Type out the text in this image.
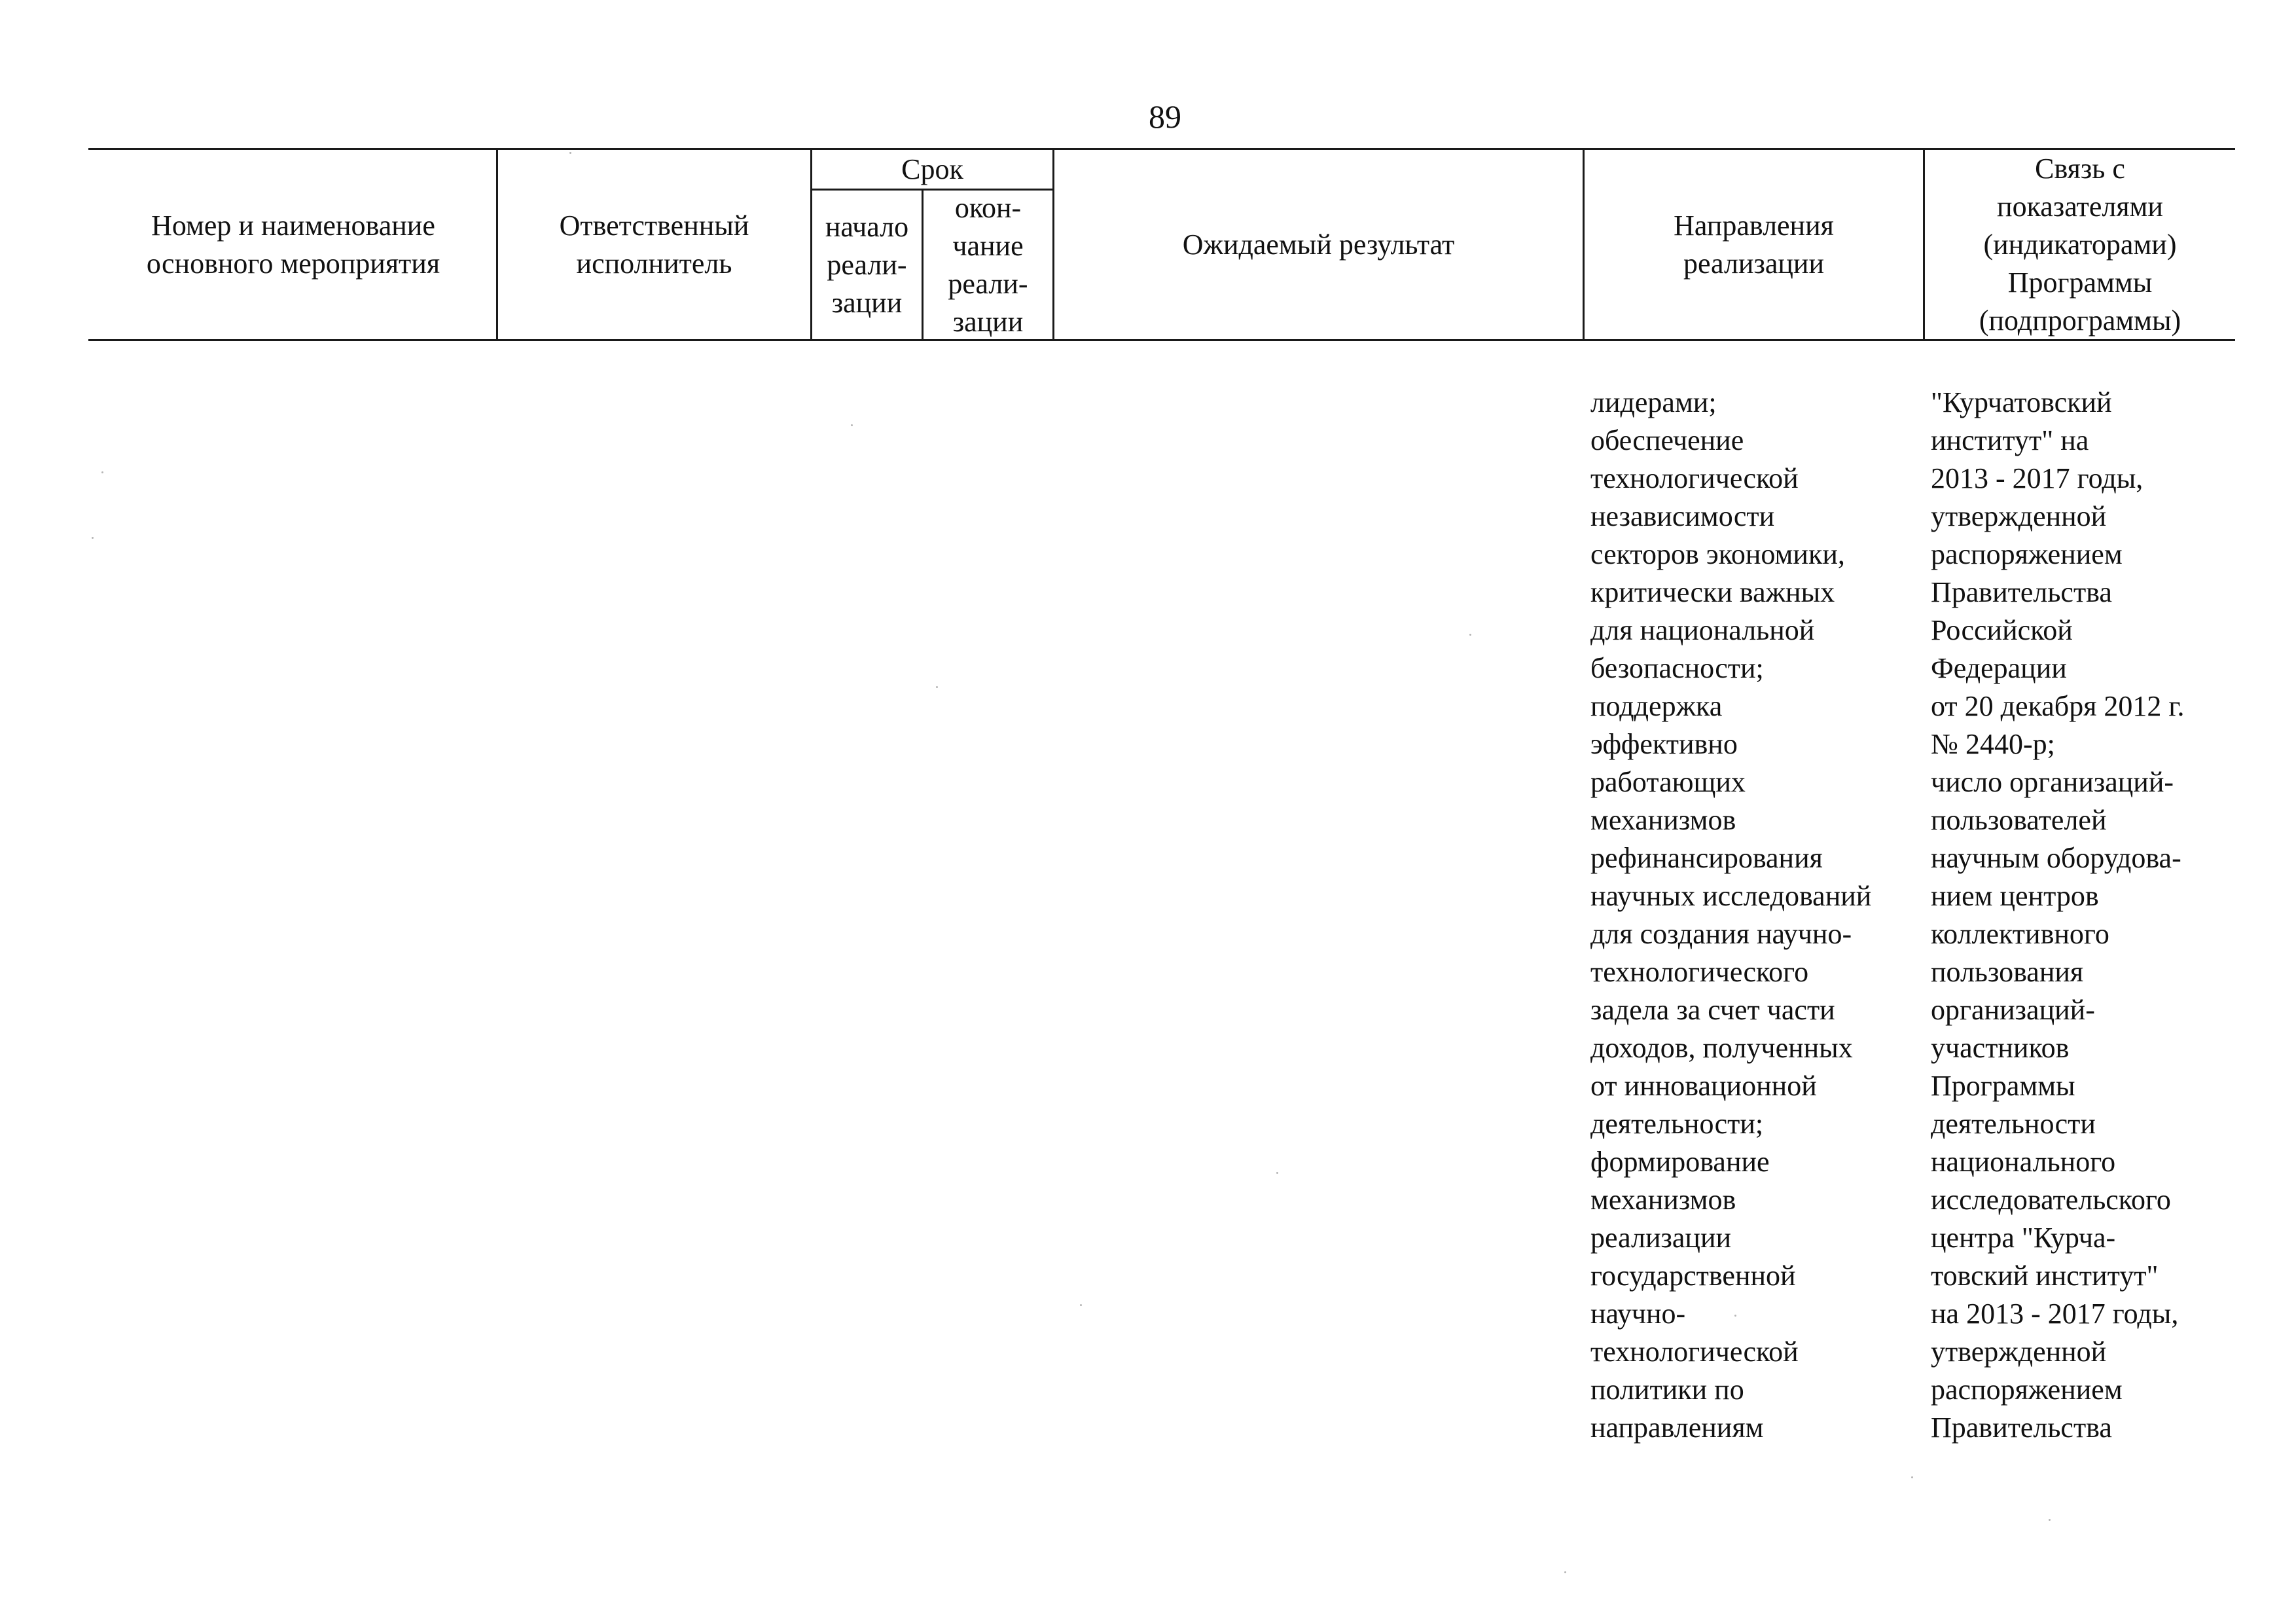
89
Номер и наименование
основного мероприятия
Ответственный
исполнитель
Срок
начало
реали-
зации
окон-
чание
реали-
зации
Ожидаемый результат
Направления
реализации
Связь с
показателями
(индикаторами)
Программы
(подпрограммы)
лидерами;
обеспечение
технологической
независимости
секторов экономики,
критически важных
для национальной
безопасности;
поддержка
эффективно
работающих
механизмов
рефинансирования
научных исследований
для создания научно-
технологического
задела за счет части
доходов, полученных
от инновационной
деятельности;
формирование
механизмов
реализации
государственной
научно-
технологической
политики по
направлениям
"Курчатовский
институт" на
2013 - 2017 годы,
утвержденной
распоряжением
Правительства
Российской
Федерации
от 20 декабря 2012 г.
№ 2440-р;
число организаций-
пользователей
научным оборудова-
нием центров
коллективного
пользования
организаций-
участников
Программы
деятельности
национального
исследовательского
центра "Курча-
товский институт"
на 2013 - 2017 годы,
утвержденной
распоряжением
Правительства
